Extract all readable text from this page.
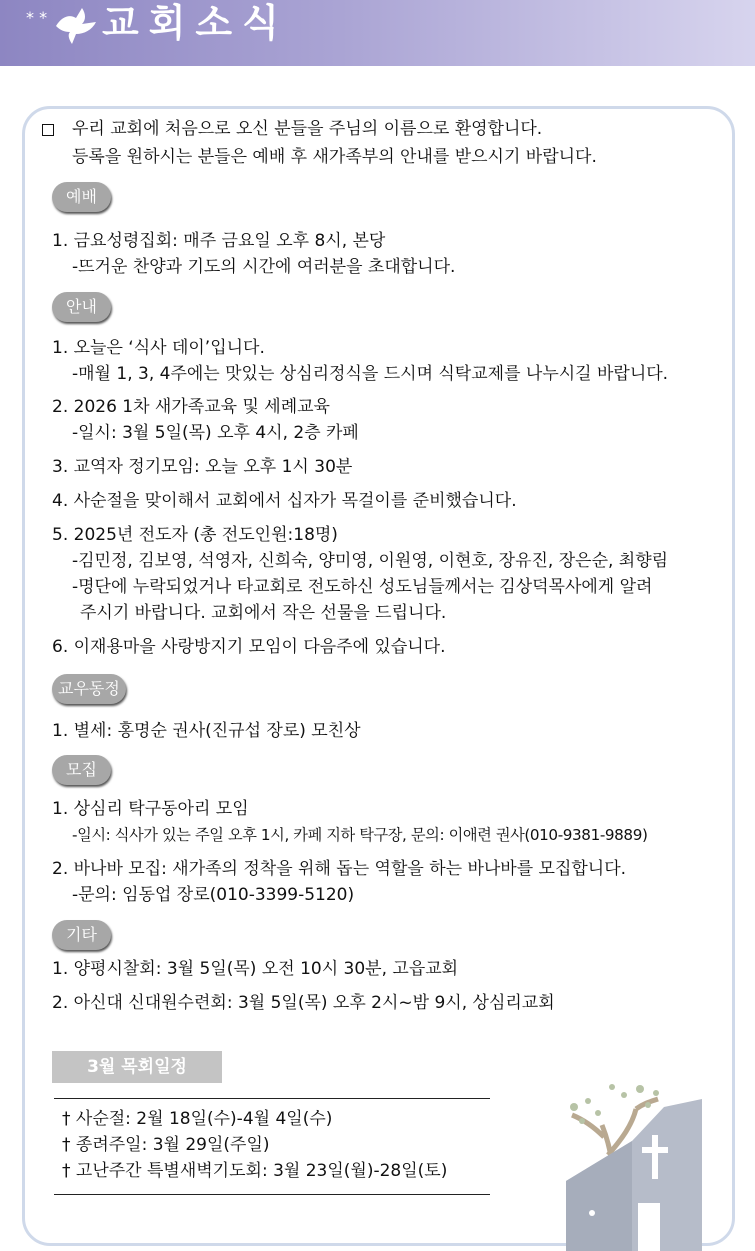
* * 교회소식
우리 교회에 처음으로 오신 분들을 주님의 이름으로 환영합니다.
등록을 원하시는 분들은 예배 후 새가족부의 안내를 받으시기 바랍니다.
예배
1. 금요성령집회: 매주 금요일 오후 8시, 본당
-뜨거운 찬양과 기도의 시간에 여러분을 초대합니다.
안내
1. 오늘은 ‘식사 데이’입니다.
-매월 1, 3, 4주에는 맛있는 상심리정식을 드시며 식탁교제를 나누시길 바랍니다.
2. 2026 1차 새가족교육 및 세례교육
-일시: 3월 5일(목) 오후 4시, 2층 카페
3. 교역자 정기모임: 오늘 오후 1시 30분
4. 사순절을 맞이해서 교회에서 십자가 목걸이를 준비했습니다.
5. 2025년 전도자 (총 전도인원:18명)
-김민정, 김보영, 석영자, 신희숙, 양미영, 이원영, 이현호, 장유진, 장은순, 최향림
-명단에 누락되었거나 타교회로 전도하신 성도님들께서는 김상덕목사에게 알려
주시기 바랍니다. 교회에서 작은 선물을 드립니다.
6. 이재용마을 사랑방지기 모임이 다음주에 있습니다.
교우동정
1. 별세: 홍명순 권사(진규섭 장로) 모친상
모집
1. 상심리 탁구동아리 모임
-일시: 식사가 있는 주일 오후 1시, 카페 지하 탁구장, 문의: 이애련 권사(010-9381-9889)
2. 바나바 모집: 새가족의 정착을 위해 돕는 역할을 하는 바나바를 모집합니다.
-문의: 임동업 장로(010-3399-5120)
기타
1. 양평시찰회: 3월 5일(목) 오전 10시 30분, 고읍교회
2. 아신대 신대원수련회: 3월 5일(목) 오후 2시~밤 9시, 상심리교회
3월 목회일정
† 사순절: 2월 18일(수)-4월 4일(수)
† 종려주일: 3월 29일(주일)
† 고난주간 특별새벽기도회: 3월 23일(월)-28일(토)
